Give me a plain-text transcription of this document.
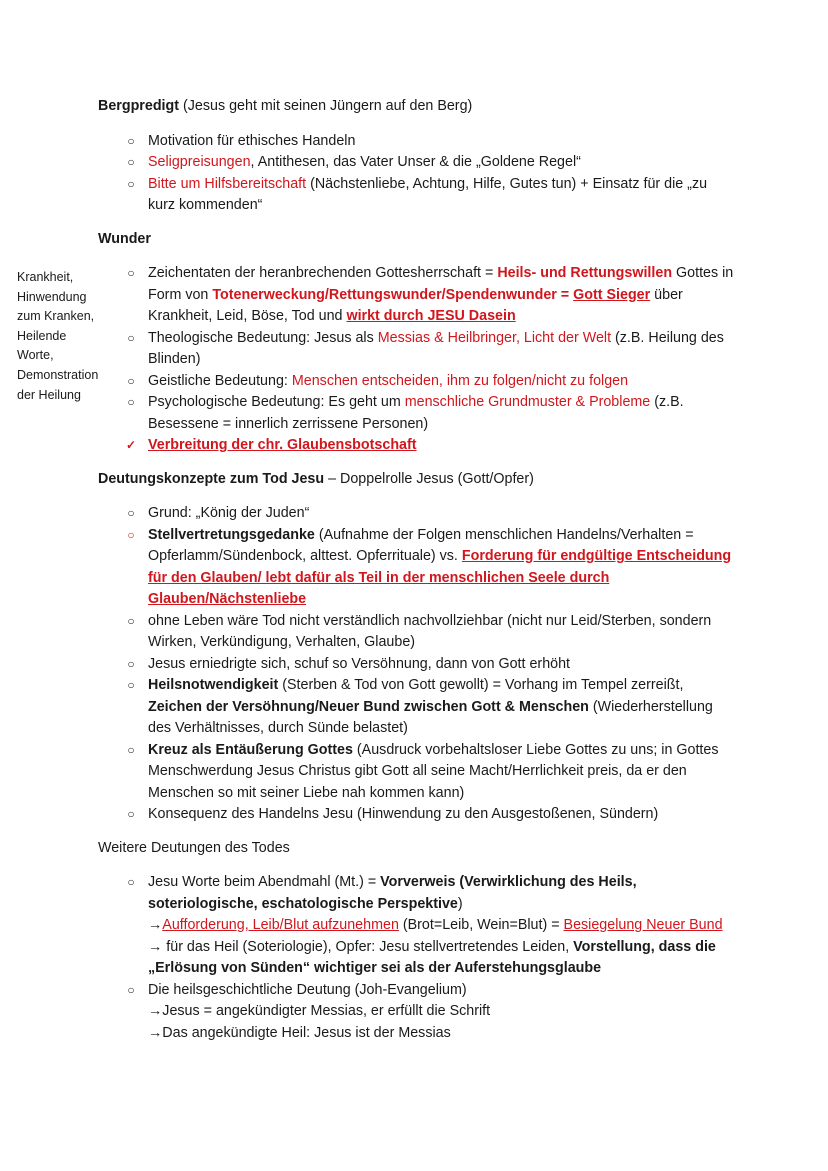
Krankheit,
Hinwendung
zum Kranken,
Heilende
Worte,
Demonstration
der Heilung
Bergpredigt (Jesus geht mit seinen Jüngern auf den Berg)
○ Motivation für ethisches Handeln
○ Seligpreisungen, Antithesen, das Vater Unser & die „Goldene Regel“
○ Bitte um Hilfsbereitschaft (Nächstenliebe, Achtung, Hilfe, Gutes tun) + Einsatz für die „zu kurz kommenden“
Wunder
○ Zeichentaten der heranbrechenden Gottesherrschaft = Heils- und Rettungswillen Gottes in Form von Totenerweckung/Rettungswunder/Spendenwunder = Gott Sieger über Krankheit, Leid, Böse, Tod und wirkt durch JESU Dasein
○ Theologische Bedeutung: Jesus als Messias & Heilbringer, Licht der Welt (z.B. Heilung des Blinden)
○ Geistliche Bedeutung: Menschen entscheiden, ihm zu folgen/nicht zu folgen
○ Psychologische Bedeutung: Es geht um menschliche Grundmuster & Probleme (z.B. Besessene = innerlich zerrissene Personen)
✓ Verbreitung der chr. Glaubensbotschaft
Deutungskonzepte zum Tod Jesu – Doppelrolle Jesus (Gott/Opfer)
○ Grund: „König der Juden“
○ Stellvertretungsgedanke (Aufnahme der Folgen menschlichen Handelns/Verhalten = Opferlamm/Sündenbock, alttest. Opferrituale) vs. Forderung für endgültige Entscheidung für den Glauben/ lebt dafür als Teil in der menschlichen Seele durch Glauben/Nächstenliebe
○ ohne Leben wäre Tod nicht verständlich nachvollziehbar (nicht nur Leid/Sterben, sondern Wirken, Verkündigung, Verhalten, Glaube)
○ Jesus erniedrigte sich, schuf so Versöhnung, dann von Gott erhöht
○ Heilsnotwendigkeit (Sterben & Tod von Gott gewollt) = Vorhang im Tempel zerreißt, Zeichen der Versöhnung/Neuer Bund zwischen Gott & Menschen (Wiederherstellung des Verhältnisses, durch Sünde belastet)
○ Kreuz als Entäußerung Gottes (Ausdruck vorbehaltsloser Liebe Gottes zu uns; in Gottes Menschwerdung Jesus Christus gibt Gott all seine Macht/Herrlichkeit preis, da er den Menschen so mit seiner Liebe nah kommen kann)
○ Konsequenz des Handelns Jesu (Hinwendung zu den Ausgestoßenen, Sündern)
Weitere Deutungen des Todes
○ Jesu Worte beim Abendmahl (Mt.) = Vorverweis (Verwirklichung des Heils, soteriologische, eschatologische Perspektive)
→Aufforderung, Leib/Blut aufzunehmen (Brot=Leib, Wein=Blut) = Besiegelung Neuer Bund
→ für das Heil (Soteriologie), Opfer: Jesu stellvertretendes Leiden, Vorstellung, dass die „Erlösung von Sünden“ wichtiger sei als der Auferstehungsglaube
○ Die heilsgeschichtliche Deutung (Joh-Evangelium)
→Jesus = angekündigter Messias, er erfüllt die Schrift
→Das angekündigte Heil: Jesus ist der Messias
